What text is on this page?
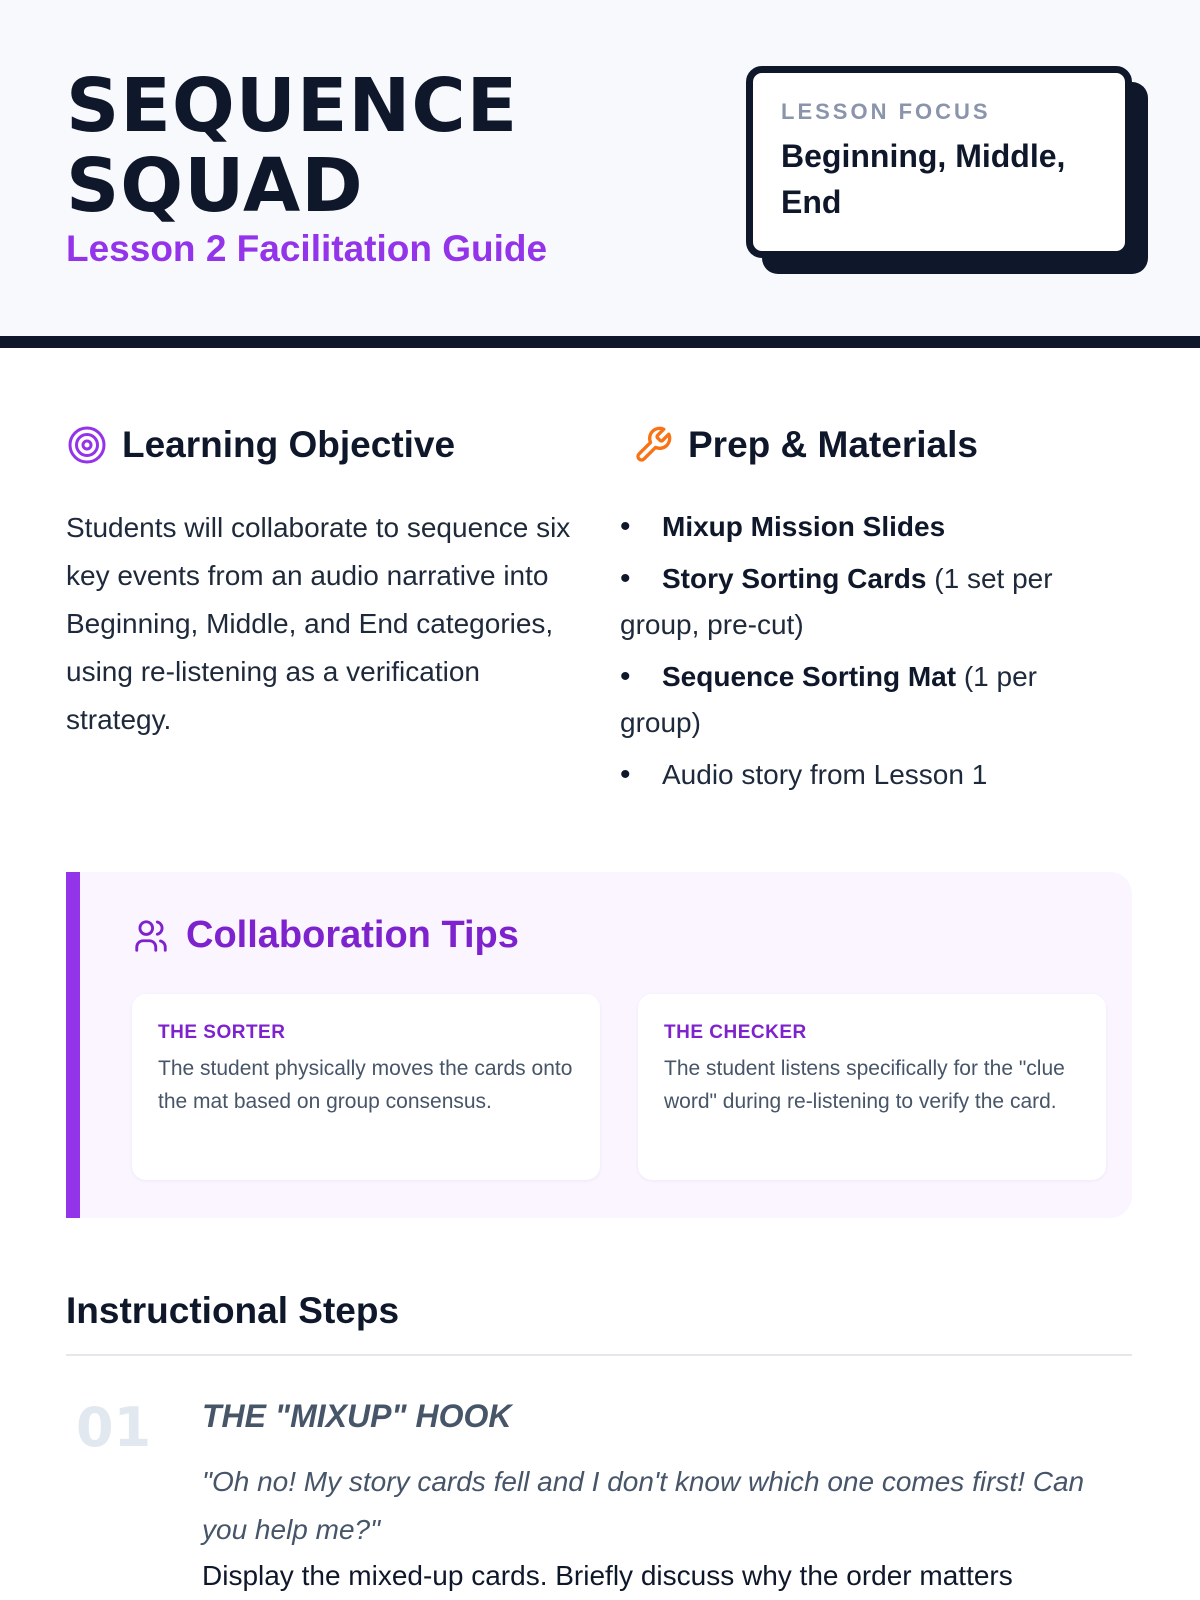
SEQUENCE
SQUAD
Lesson 2 Facilitation Guide
LESSON FOCUS
Beginning, Middle, End
Learning Objective
Students will collaborate to sequence six key events from an audio narrative into Beginning, Middle, and End categories, using re-listening as a verification strategy.
Prep & Materials
• Mixup Mission Slides
• Story Sorting Cards (1 set per group, pre-cut)
• Sequence Sorting Mat (1 per group)
• Audio story from Lesson 1
Collaboration Tips
THE SORTER
The student physically moves the cards onto the mat based on group consensus.
THE CHECKER
The student listens specifically for the "clue word" during re-listening to verify the card.
Instructional Steps
01 THE "MIXUP" HOOK
"Oh no! My story cards fell and I don't know which one comes first! Can you help me?"
Display the mixed-up cards. Briefly discuss why the order matters
